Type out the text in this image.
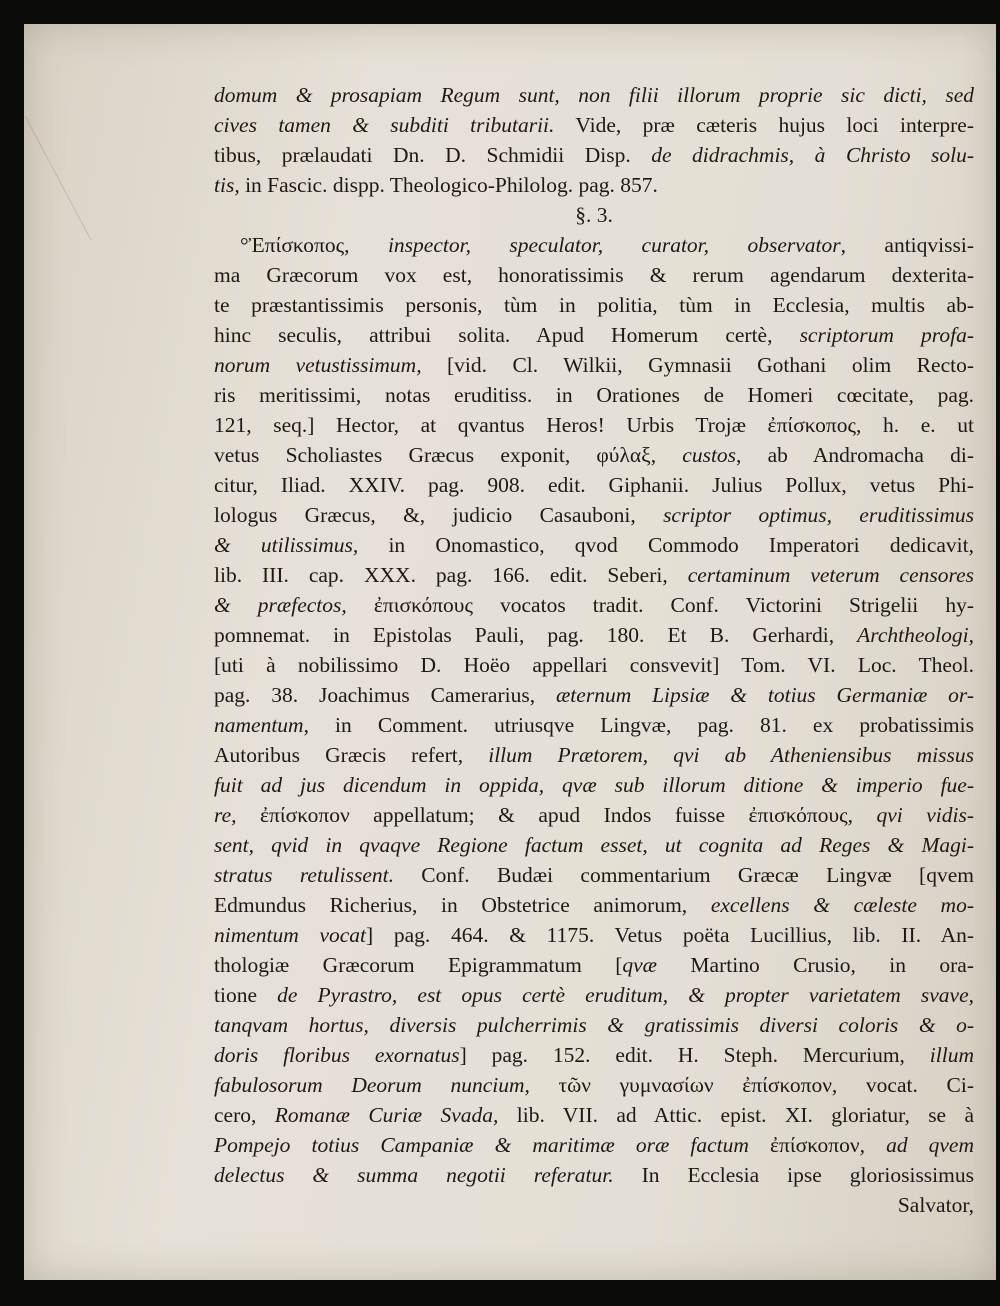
domum & prosapiam Regum sunt, non filii illorum proprie sic dicti, sed
cives tamen & subditi tributarii. Vide, præ cæteris hujus loci interpre-
tibus, prælaudati Dn. D. Schmidii Disp. de didrachmis, à Christo solu-
tis, in Fascic. dispp. Theologico-Philolog. pag. 857.
§. 3.
°Ἐπίσκοπος, inspector, speculator, curator, observator, antiqvissi-
ma Græcorum vox est, honoratissimis & rerum agendarum dexterita-
te præstantissimis personis, tùm in politia, tùm in Ecclesia, multis ab-
hinc seculis, attribui solita. Apud Homerum certè, scriptorum profa-
norum vetustissimum, [vid. Cl. Wilkii, Gymnasii Gothani olim Recto-
ris meritissimi, notas eruditiss. in Orationes de Homeri cœcitate, pag.
121, seq.] Hector, at qvantus Heros! Urbis Trojæ ἐπίσκοπος, h. e. ut
vetus Scholiastes Græcus exponit, φύλαξ, custos, ab Andromacha di-
citur, Iliad. XXIV. pag. 908. edit. Giphanii. Julius Pollux, vetus Phi-
lologus Græcus, &, judicio Casauboni, scriptor optimus, eruditissimus
& utilissimus, in Onomastico, qvod Commodo Imperatori dedicavit,
lib. III. cap. XXX. pag. 166. edit. Seberi, certaminum veterum censores
& præfectos, ἐπισκόπους vocatos tradit. Conf. Victorini Strigelii hy-
pomnemat. in Epistolas Pauli, pag. 180. Et B. Gerhardi, Archtheologi,
[uti à nobilissimo D. Hoëo appellari consvevit] Tom. VI. Loc. Theol.
pag. 38. Joachimus Camerarius, æternum Lipsiæ & totius Germaniæ or-
namentum, in Comment. utriusqve Lingvæ, pag. 81. ex probatissimis
Autoribus Græcis refert, illum Prætorem, qvi ab Atheniensibus missus
fuit ad jus dicendum in oppida, qvæ sub illorum ditione & imperio fue-
re, ἐπίσκοπον appellatum; & apud Indos fuisse ἐπισκόπους, qvi vidis-
sent, qvid in qvaqve Regione factum esset, ut cognita ad Reges & Magi-
stratus retulissent. Conf. Budæi commentarium Græcæ Lingvæ [qvem
Edmundus Richerius, in Obstetrice animorum, excellens & cæleste mo-
nimentum vocat] pag. 464. & 1175. Vetus poëta Lucillius, lib. II. An-
thologiæ Græcorum Epigrammatum [qvæ Martino Crusio, in ora-
tione de Pyrastro, est opus certè eruditum, & propter varietatem svave,
tanqvam hortus, diversis pulcherrimis & gratissimis diversi coloris & o-
doris floribus exornatus] pag. 152. edit. H. Steph. Mercurium, illum
fabulosorum Deorum nuncium, τῶν γυμνασίων ἐπίσκοπον, vocat. Ci-
cero, Romanæ Curiæ Svada, lib. VII. ad Attic. epist. XI. gloriatur, se à
Pompejo totius Campaniæ & maritimæ oræ factum ἐπίσκοπον, ad qvem
delectus & summa negotii referatur. In Ecclesia ipse gloriosissimus
Salvator,
